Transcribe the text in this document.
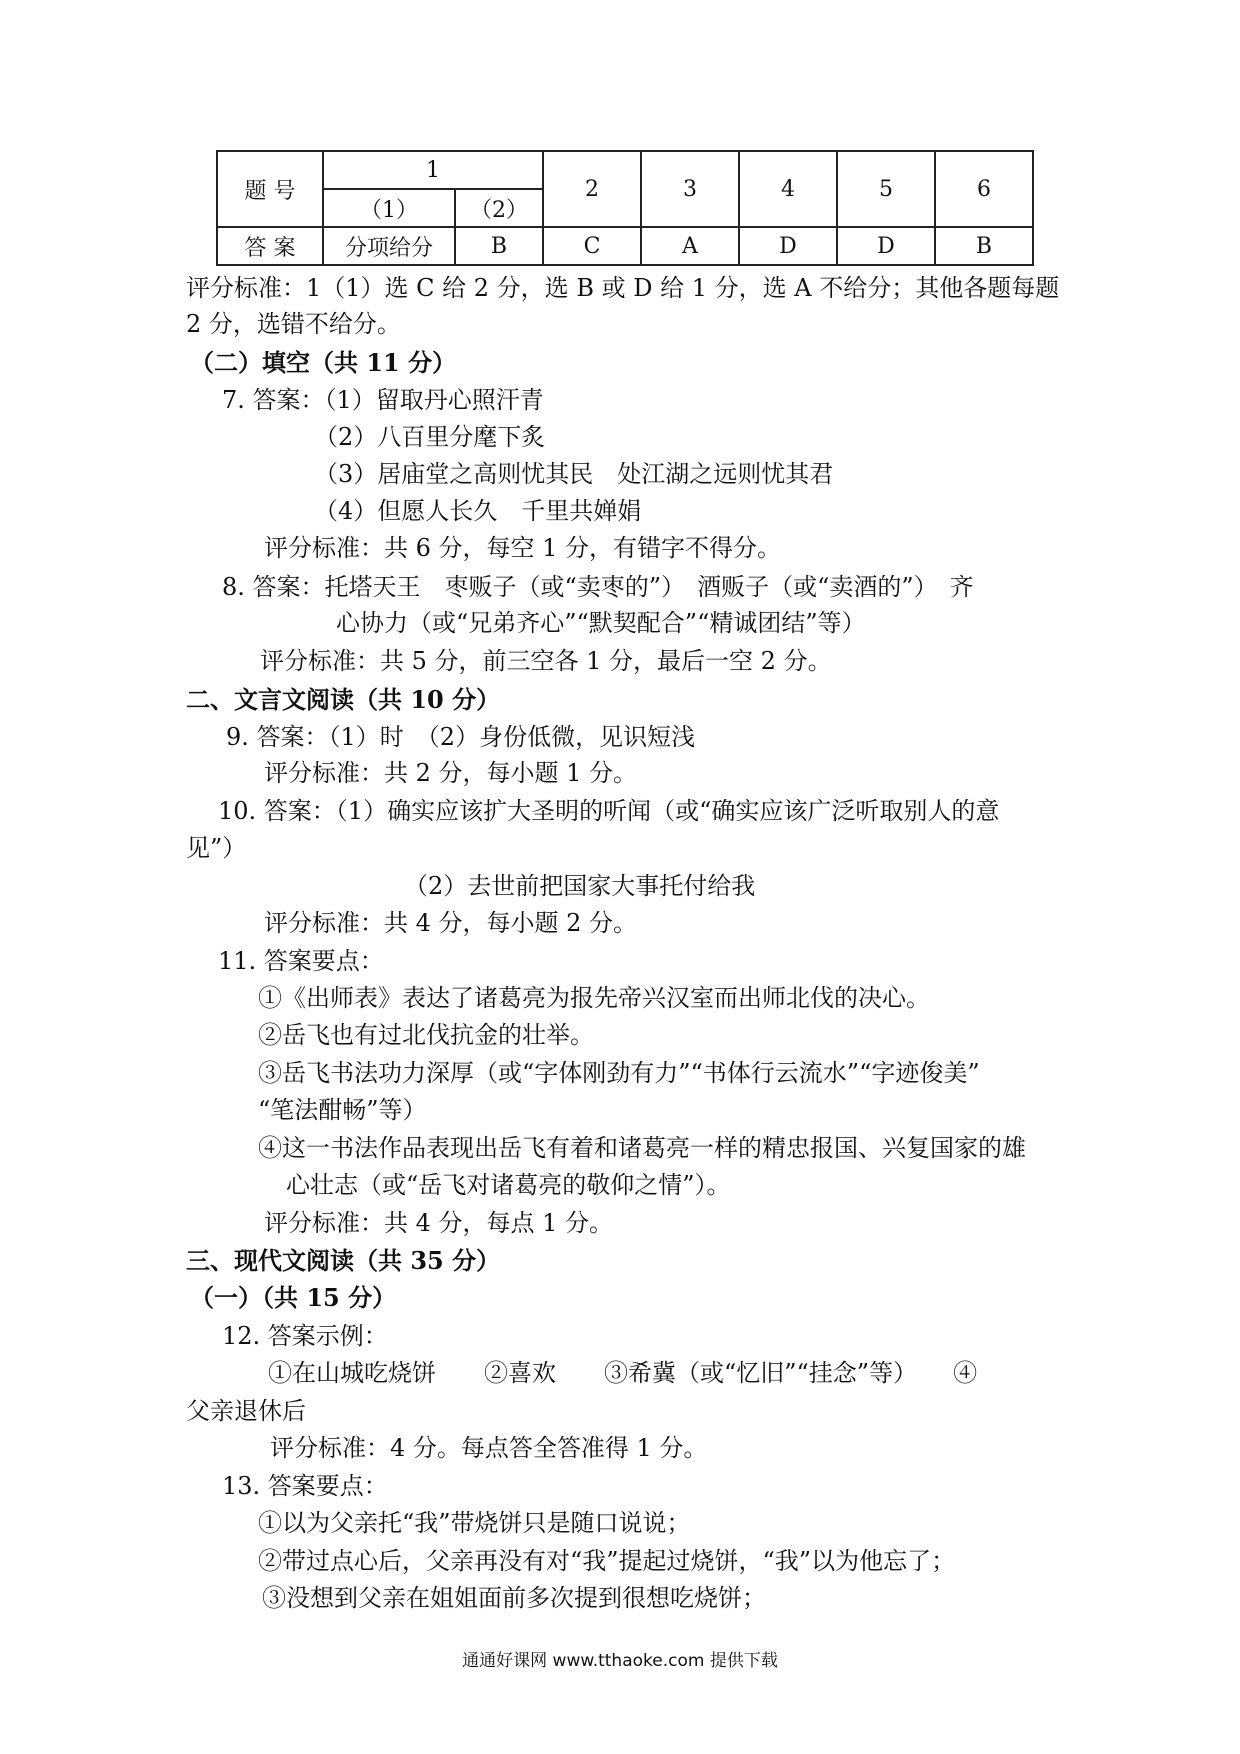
题 号	1		2	3	4	5	6
	（1）	（2）					
答 案	分项给分	B	C	A	D	D	B
评分标准：1（1）选 C 给 2 分，选 B 或 D 给 1 分，选 A 不给分；其他各题每题
2 分，选错不给分。
（二）填空（共 11 分）
7. 答案：（1）留取丹心照汗青
（2）八百里分麾下炙
（3）居庙堂之高则忧其民　处江湖之远则忧其君
（4）但愿人长久　千里共婵娟
评分标准：共 6 分，每空 1 分，有错字不得分。
8. 答案：托塔天王　枣贩子（或“卖枣的”）　酒贩子（或“卖酒的”）　齐
心协力（或“兄弟齐心”“默契配合”“精诚团结”等）
评分标准：共 5 分，前三空各 1 分，最后一空 2 分。
二、文言文阅读（共 10 分）
9. 答案：（1）时　（2）身份低微，见识短浅
评分标准：共 2 分，每小题 1 分。
10. 答案：（1）确实应该扩大圣明的听闻（或“确实应该广泛听取别人的意
见”）
（2）去世前把国家大事托付给我
评分标准：共 4 分，每小题 2 分。
11. 答案要点：
①《出师表》表达了诸葛亮为报先帝兴汉室而出师北伐的决心。
②岳飞也有过北伐抗金的壮举。
③岳飞书法功力深厚（或“字体刚劲有力”“书体行云流水”“字迹俊美”
“笔法酣畅”等）
④这一书法作品表现出岳飞有着和诸葛亮一样的精忠报国、兴复国家的雄
心壮志（或“岳飞对诸葛亮的敬仰之情”）。
评分标准：共 4 分，每点 1 分。
三、现代文阅读（共 35 分）
（一）（共 15 分）
12. 答案示例：
①在山城吃烧饼　　②喜欢　　③希冀（或“忆旧”“挂念”等）　　④
父亲退休后
评分标准：4 分。每点答全答准得 1 分。
13. 答案要点：
①以为父亲托“我”带烧饼只是随口说说；
②带过点心后，父亲再没有对“我”提起过烧饼，“我”以为他忘了；
③没想到父亲在姐姐面前多次提到很想吃烧饼；
通通好课网 www.tthaoke.com 提供下载
